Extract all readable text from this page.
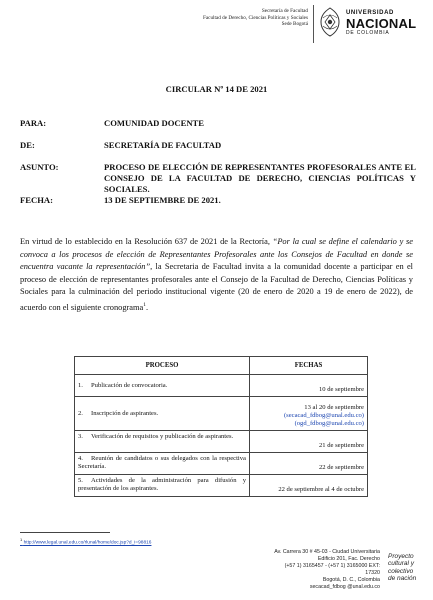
Secretaría de Facultad
Facultad de Derecho, Ciencias Políticas y Sociales
Sede Bogotá
UNIVERSIDAD
NACIONAL
DE COLOMBIA
CIRCULAR Nº 14 DE 2021
PARA:	COMUNIDAD DOCENTE
DE:	SECRETARÍA DE FACULTAD
ASUNTO:	PROCESO DE ELECCIÓN DE REPRESENTANTES PROFESORALES ANTE EL CONSEJO DE LA FACULTAD DE DERECHO, CIENCIAS POLÍTICAS Y SOCIALES.
FECHA:	13 DE SEPTIEMBRE DE 2021.
En virtud de lo establecido en la Resolución 637 de 2021 de la Rectoría, “Por la cual se define el calendario y se convoca a los procesos de elección de Representantes Profesorales ante los Consejos de Facultad en donde se encuentra vacante la representación”, la Secretaria de Facultad invita a la comunidad docente a participar en el proceso de elección de representantes profesorales ante el Consejo de la Facultad de Derecho, Ciencias Políticas y Sociales para la culminación del periodo institucional vigente (20 de enero de 2020 a 19 de enero de 2022), de acuerdo con el siguiente cronograma$^1$.
PROCESO	FECHAS
1. Publicación de convocatoria.	10 de septiembre

2. Inscripción de aspirantes.	13 al 20 de septiembre
(secacad_fdbog@unal.edu.co)
(ogd_fdbog@unal.edu.co)

3. Verificación de requisitos y publicación de aspirantes.	21 de septiembre

4. Reunión de candidatos o sus delegados con la respectiva Secretaría.	22 de septiembre

5. Actividades de la administración para difusión y presentación de los aspirantes.	22 de septiembre al 4 de octubre
$^1$ http://www.legal.unal.edu.co/rlunal/home/doc.jsp?d_i=98816
Av. Carrera 30 # 45-03 - Ciudad Universitaria
Edificio 201, Fac. Derecho
(+57 1) 3165457 - (+57 1) 3165000 EXT:
17320
Bogotá, D. C., Colombia
secacad_fdbog @unal.edu.co
Proyecto
cultural y
colectivo
de nación
